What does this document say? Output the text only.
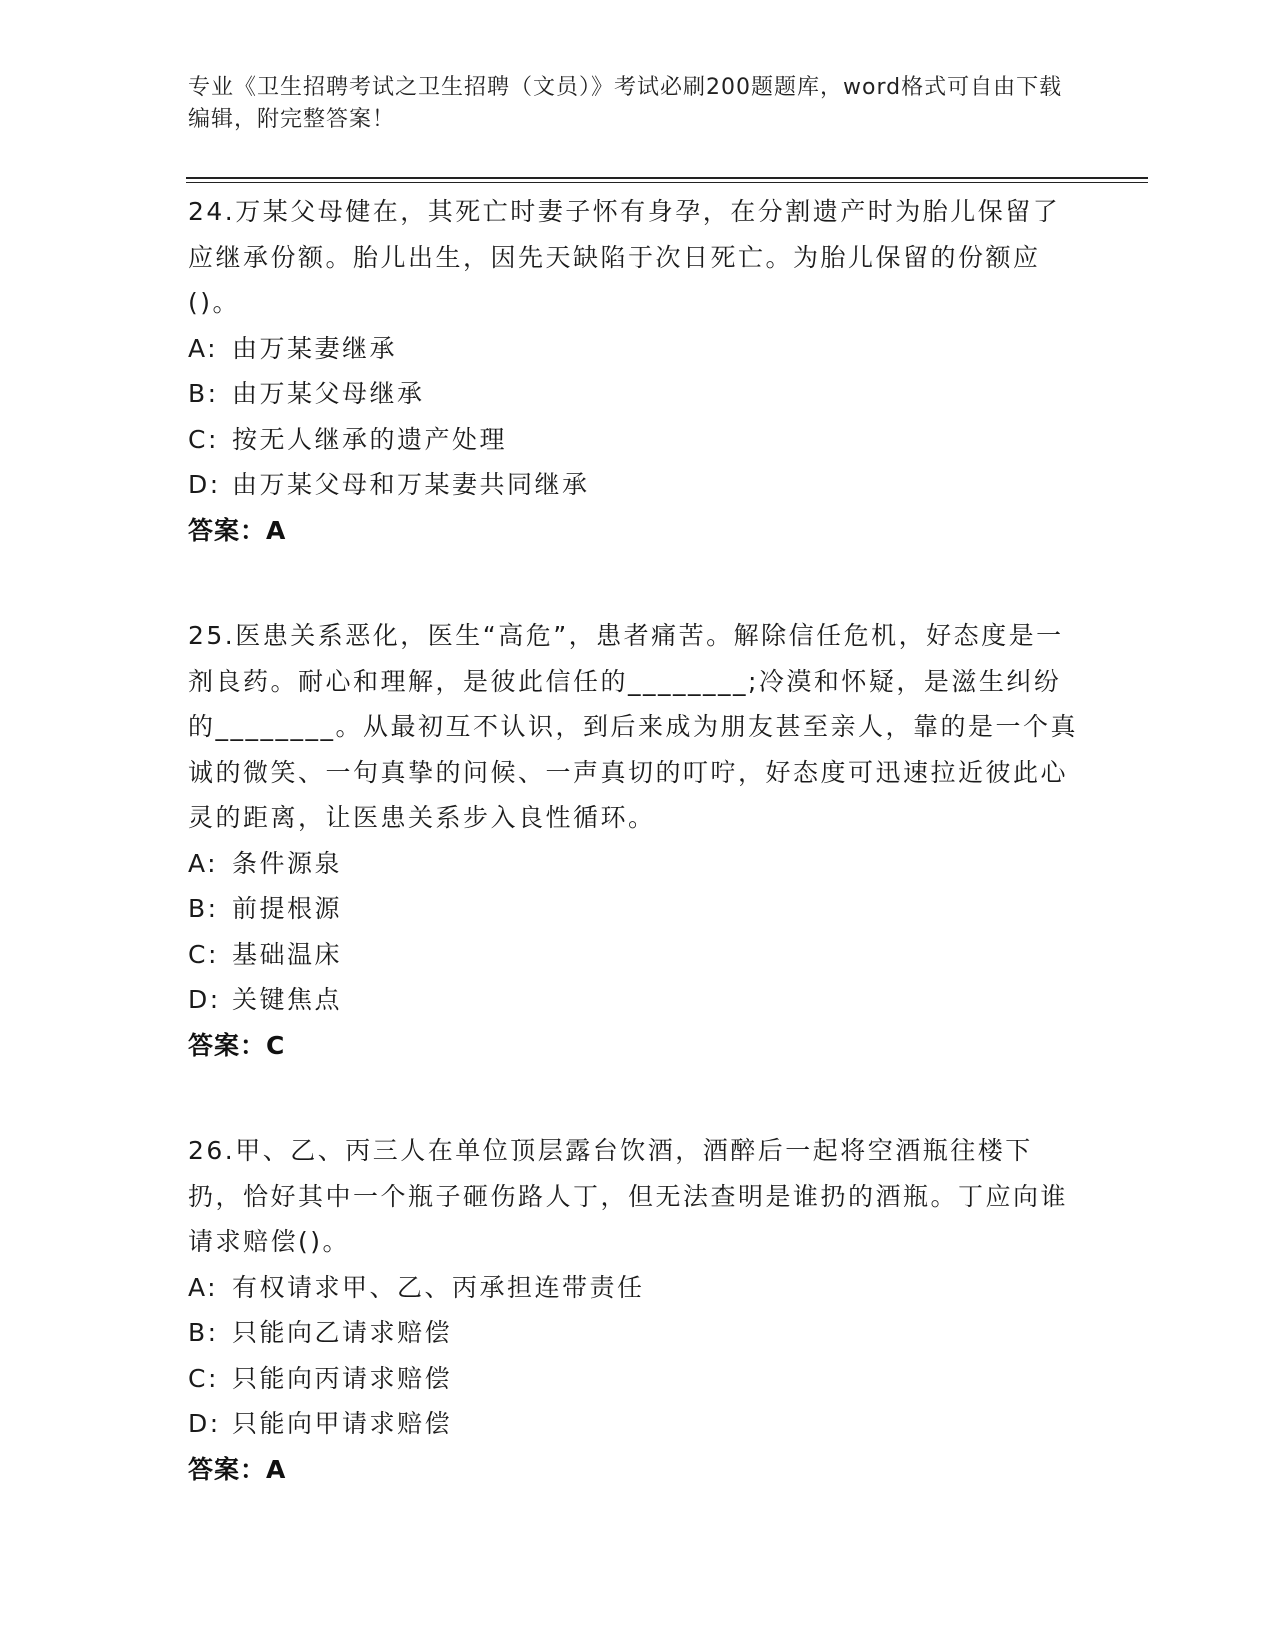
专业《卫生招聘考试之卫生招聘（文员）》考试必刷200题题库，word格式可自由下载编辑，附完整答案！
24.万某父母健在，其死亡时妻子怀有身孕，在分割遗产时为胎儿保留了应继承份额。胎儿出生，因先天缺陷于次日死亡。为胎儿保留的份额应()。
A: 由万某妻继承
B: 由万某父母继承
C: 按无人继承的遗产处理
D: 由万某父母和万某妻共同继承
答案：A
25.医患关系恶化，医生“高危”，患者痛苦。解除信任危机，好态度是一剂良药。耐心和理解，是彼此信任的________;冷漠和怀疑，是滋生纠纷的________。从最初互不认识，到后来成为朋友甚至亲人，靠的是一个真诚的微笑、一句真挚的问候、一声真切的叮咛，好态度可迅速拉近彼此心灵的距离，让医患关系步入良性循环。
A: 条件源泉
B: 前提根源
C: 基础温床
D: 关键焦点
答案：C
26.甲、乙、丙三人在单位顶层露台饮酒，酒醉后一起将空酒瓶往楼下扔，恰好其中一个瓶子砸伤路人丁，但无法查明是谁扔的酒瓶。丁应向谁请求赔偿()。
A: 有权请求甲、乙、丙承担连带责任
B: 只能向乙请求赔偿
C: 只能向丙请求赔偿
D: 只能向甲请求赔偿
答案：A
